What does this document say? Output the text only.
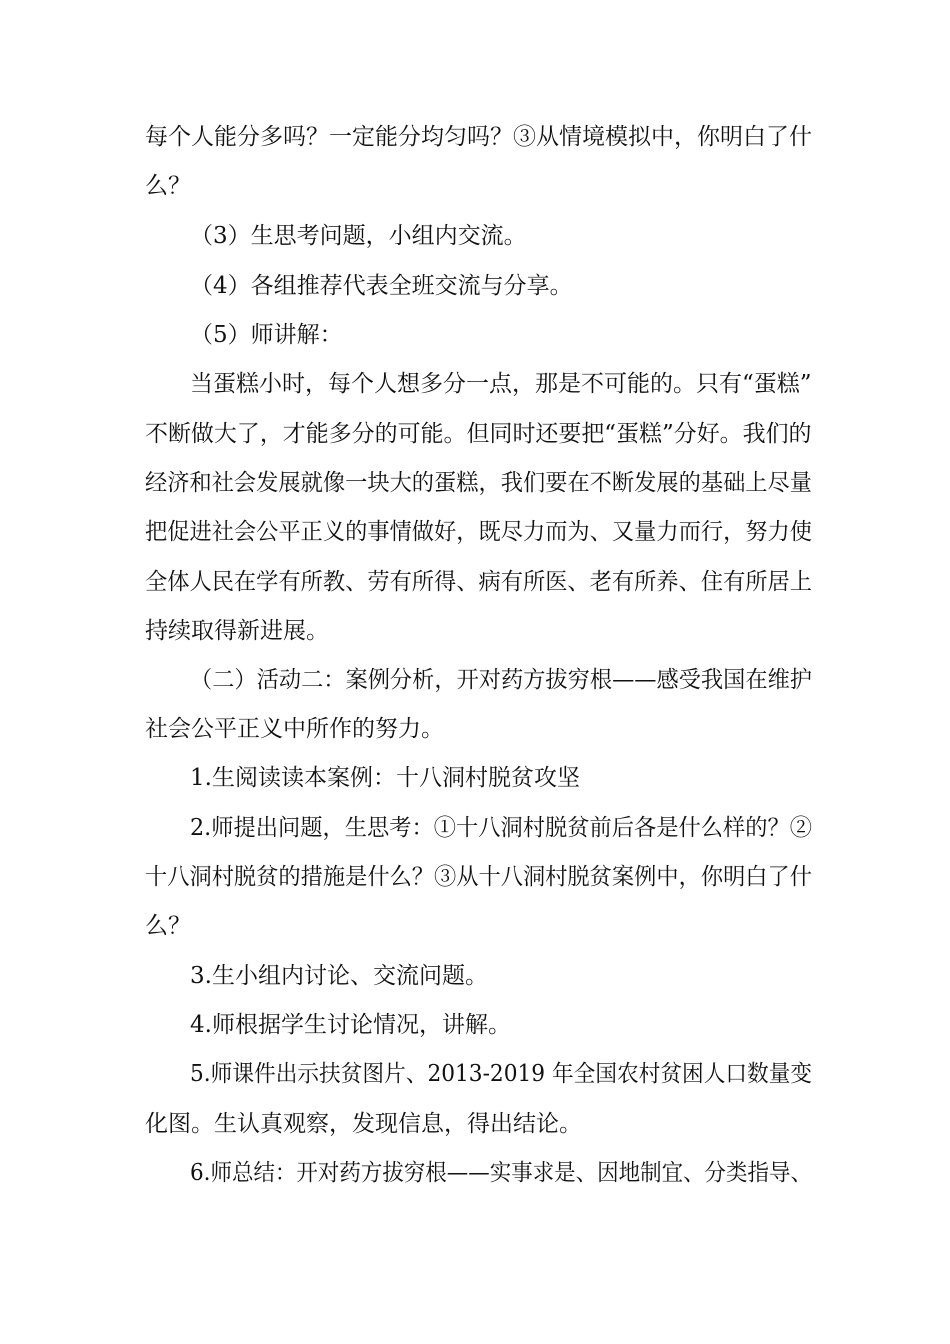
每个人能分多吗？一定能分均匀吗？③从情境模拟中，你明白了什
么？
（3）生思考问题，小组内交流。
（4）各组推荐代表全班交流与分享。
（5）师讲解：
当蛋糕小时，每个人想多分一点，那是不可能的。只有“蛋糕”
不断做大了，才能多分的可能。但同时还要把“蛋糕”分好。我们的
经济和社会发展就像一块大的蛋糕，我们要在不断发展的基础上尽量
把促进社会公平正义的事情做好，既尽力而为、又量力而行，努力使
全体人民在学有所教、劳有所得、病有所医、老有所养、住有所居上
持续取得新进展。
（二）活动二：案例分析，开对药方拔穷根——感受我国在维护
社会公平正义中所作的努力。
1.生阅读读本案例：十八洞村脱贫攻坚
2.师提出问题，生思考：①十八洞村脱贫前后各是什么样的？②
十八洞村脱贫的措施是什么？③从十八洞村脱贫案例中，你明白了什
么？
3.生小组内讨论、交流问题。
4.师根据学生讨论情况，讲解。
5.师课件出示扶贫图片、2013-2019 年全国农村贫困人口数量变
化图。生认真观察，发现信息，得出结论。
6.师总结：开对药方拔穷根——实事求是、因地制宜、分类指导、
